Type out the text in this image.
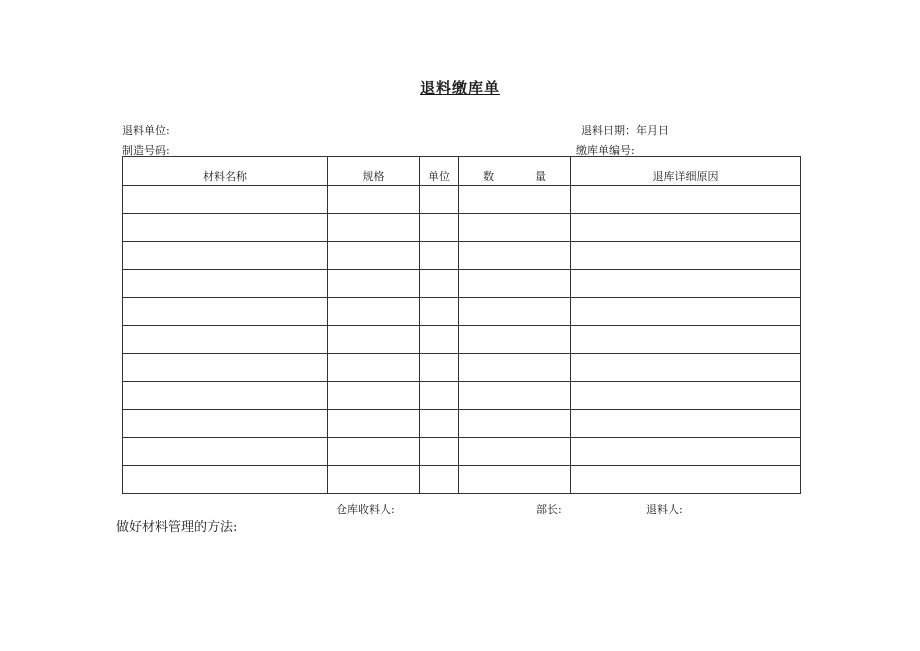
退料缴库单
退料单位:	退料日期：年月日
制造号码:	缴库单编号:
材料名称	规格	单位	数 量	退库详细原因

仓库收料人:	部长:	退料人:
做好材料管理的方法:
